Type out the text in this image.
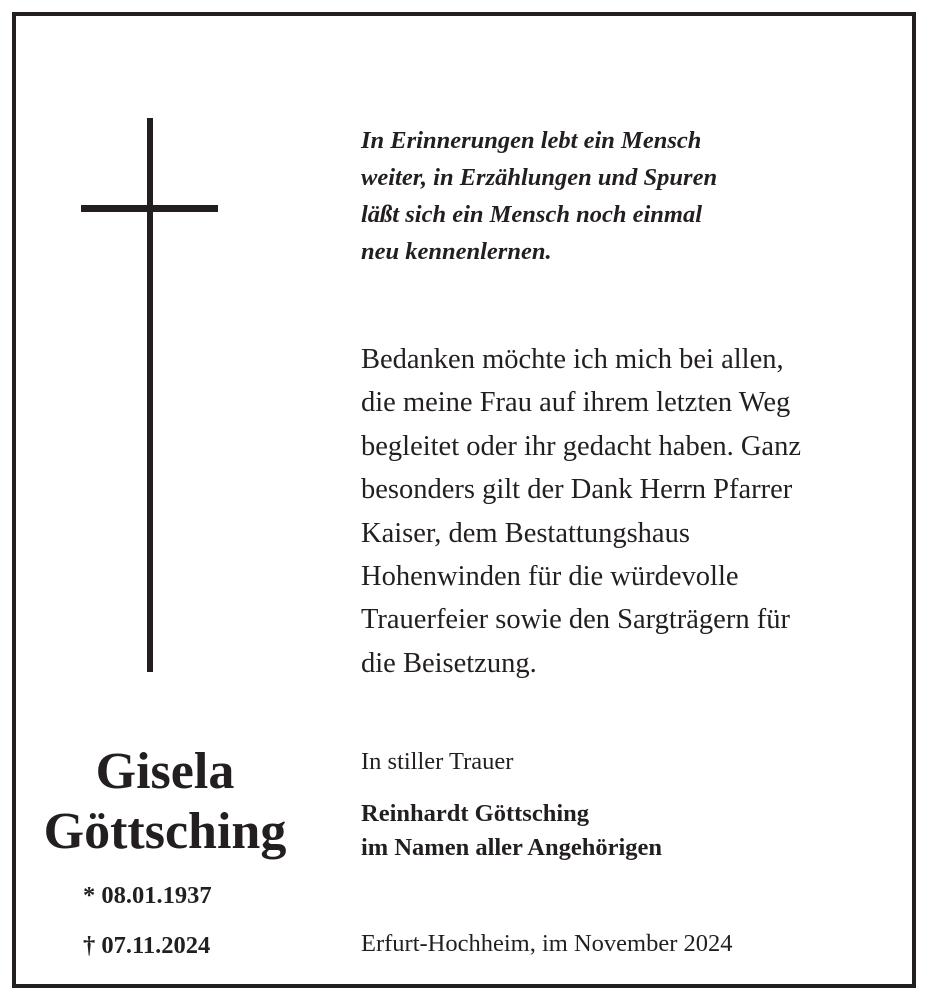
In Erinnerungen lebt ein Mensch
weiter, in Erzählungen und Spuren
läßt sich ein Mensch noch einmal
neu kennenlernen.
Bedanken möchte ich mich bei allen,
die meine Frau auf ihrem letzten Weg
begleitet oder ihr gedacht haben. Ganz
besonders gilt der Dank Herrn Pfarrer
Kaiser, dem Bestattungshaus
Hohenwinden für die würdevolle
Trauerfeier sowie den Sargträgern für
die Beisetzung.
Gisela
Göttsching
* 08.01.1937
† 07.11.2024
In stiller Trauer
Reinhardt Göttsching
im Namen aller Angehörigen
Erfurt-Hochheim, im November 2024
